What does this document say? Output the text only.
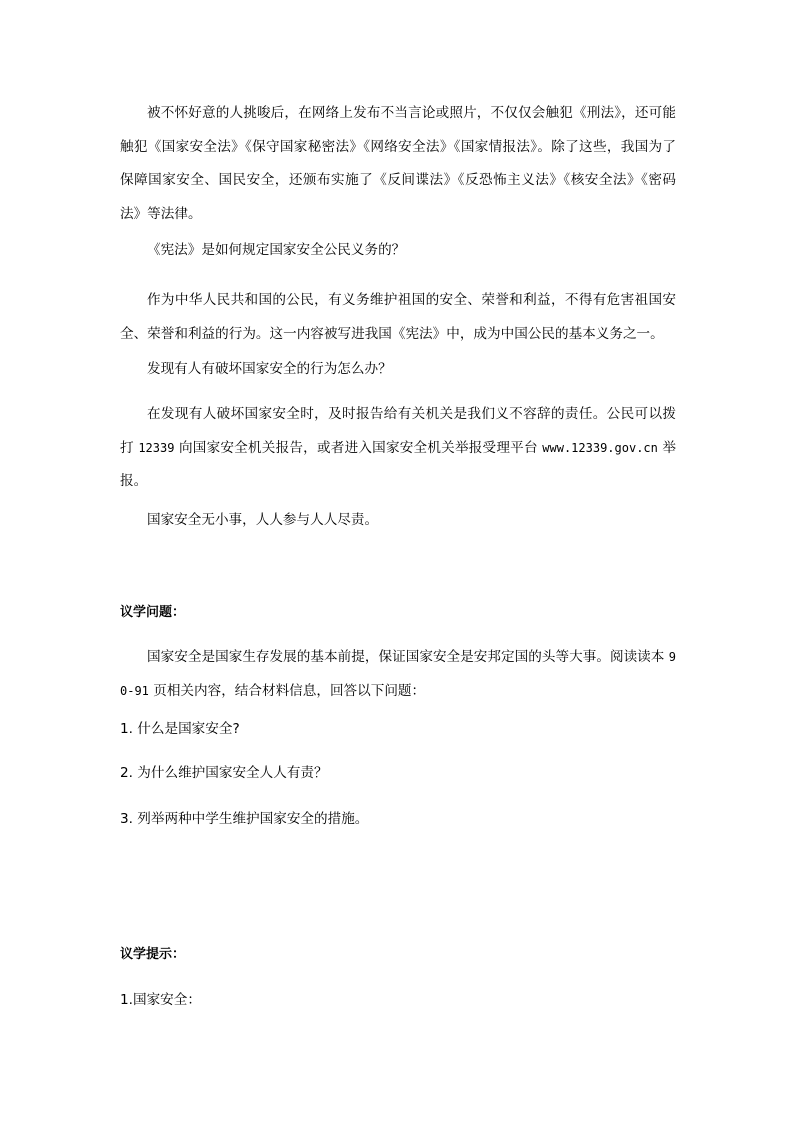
被不怀好意的人挑唆后，在网络上发布不当言论或照片，不仅仅会触犯《刑法》，还可能触犯《国家安全法》《保守国家秘密法》《网络安全法》《国家情报法》。除了这些，我国为了保障国家安全、国民安全，还颁布实施了《反间谍法》《反恐怖主义法》《核安全法》《密码法》等法律。

《宪法》是如何规定国家安全公民义务的？

作为中华人民共和国的公民，有义务维护祖国的安全、荣誉和利益，不得有危害祖国安全、荣誉和利益的行为。这一内容被写进我国《宪法》中，成为中国公民的基本义务之一。

发现有人有破坏国家安全的行为怎么办？

在发现有人破坏国家安全时，及时报告给有关机关是我们义不容辞的责任。公民可以拨打 12339 向国家安全机关报告，或者进入国家安全机关举报受理平台 www.12339.gov.cn 举报。

国家安全无小事，人人参与人人尽责。

议学问题：

国家安全是国家生存发展的基本前提，保证国家安全是安邦定国的头等大事。阅读读本 90-91 页相关内容，结合材料信息，回答以下问题：

1. 什么是国家安全?

2. 为什么维护国家安全人人有责？

3. 列举两种中学生维护国家安全的措施。

议学提示：

1.国家安全：
